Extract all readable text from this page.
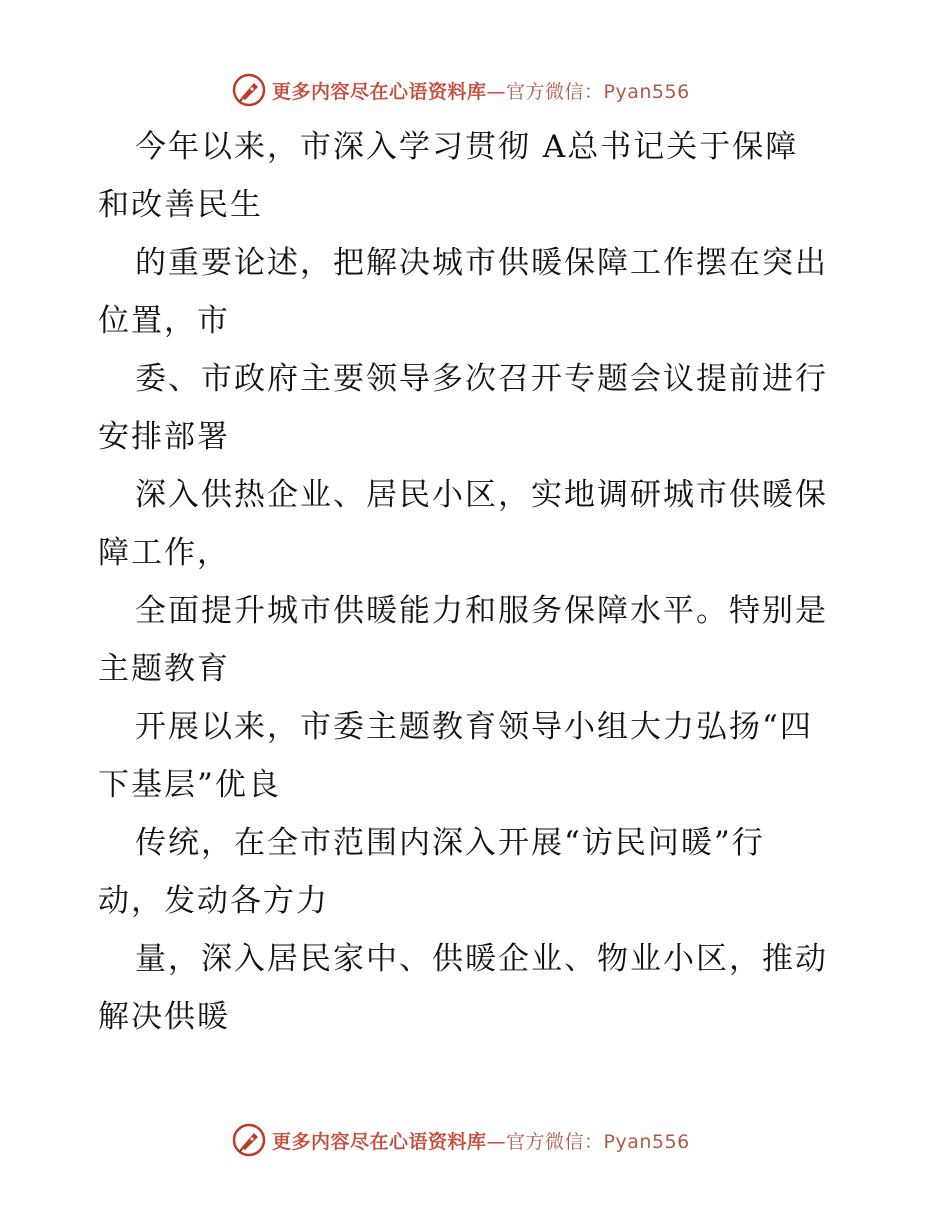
更多内容尽在心语资料库—官方微信：Pyan556
今年以来，市深入学习贯彻 A总书记关于保障
和改善民生
的重要论述，把解决城市供暖保障工作摆在突出
位置，市
委、市政府主要领导多次召开专题会议提前进行
安排部署
深入供热企业、居民小区，实地调研城市供暖保
障工作，
全面提升城市供暖能力和服务保障水平。特别是
主题教育
开展以来，市委主题教育领导小组大力弘扬“四
下基层”优良
传统，在全市范围内深入开展“访民问暖”行
动，发动各方力
量，深入居民家中、供暖企业、物业小区，推动
解决供暖
更多内容尽在心语资料库—官方微信：Pyan556
